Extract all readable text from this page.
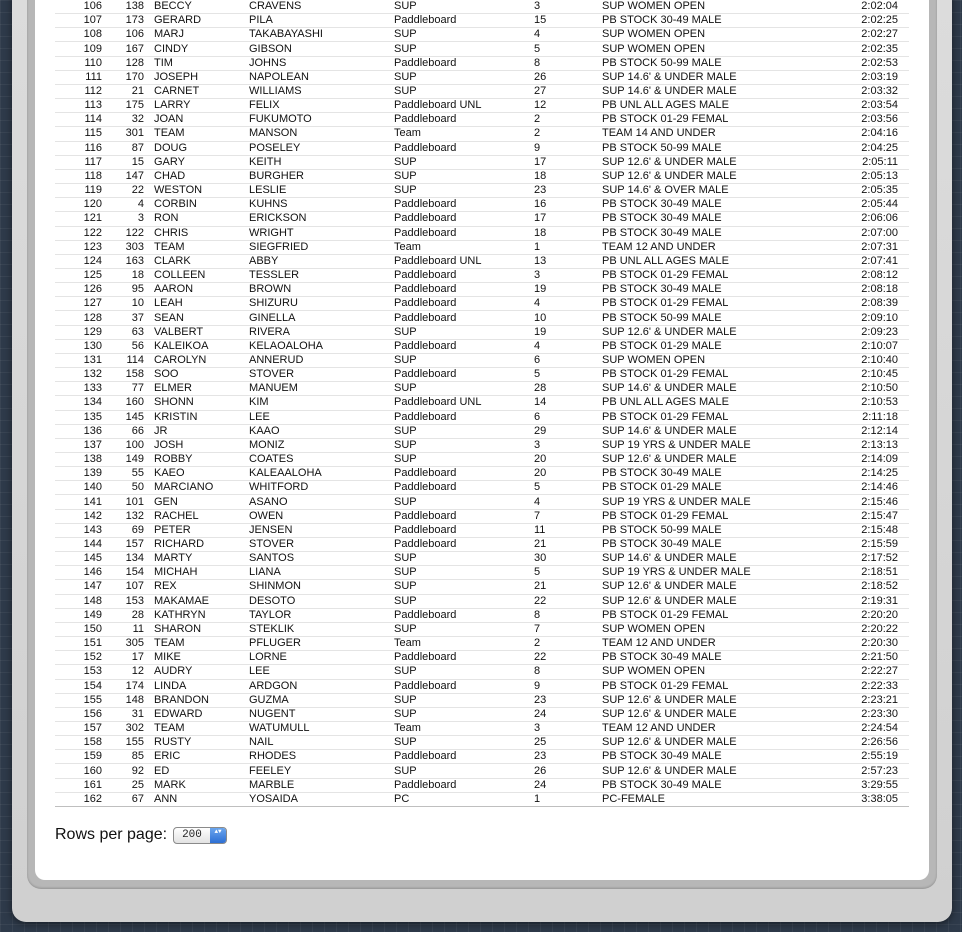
106	138	BECCY	CRAVENS	SUP	3	SUP WOMEN OPEN	2:02:04
107	173	GERARD	PILA	Paddleboard	15	PB STOCK 30-49 MALE	2:02:25
108	106	MARJ	TAKABAYASHI	SUP	4	SUP WOMEN OPEN	2:02:27
109	167	CINDY	GIBSON	SUP	5	SUP WOMEN OPEN	2:02:35
110	128	TIM	JOHNS	Paddleboard	8	PB STOCK 50-99 MALE	2:02:53
111	170	JOSEPH	NAPOLEAN	SUP	26	SUP 14.6' & UNDER MALE	2:03:19
112	21	CARNET	WILLIAMS	SUP	27	SUP 14.6' & UNDER MALE	2:03:32
113	175	LARRY	FELIX	Paddleboard UNL	12	PB UNL ALL AGES MALE	2:03:54
114	32	JOAN	FUKUMOTO	Paddleboard	2	PB STOCK 01-29 FEMAL	2:03:56
115	301	TEAM	MANSON	Team	2	TEAM 14 AND UNDER	2:04:16
116	87	DOUG	POSELEY	Paddleboard	9	PB STOCK 50-99 MALE	2:04:25
117	15	GARY	KEITH	SUP	17	SUP 12.6' & UNDER MALE	2:05:11
118	147	CHAD	BURGHER	SUP	18	SUP 12.6' & UNDER MALE	2:05:13
119	22	WESTON	LESLIE	SUP	23	SUP 14.6' & OVER MALE	2:05:35
120	4	CORBIN	KUHNS	Paddleboard	16	PB STOCK 30-49 MALE	2:05:44
121	3	RON	ERICKSON	Paddleboard	17	PB STOCK 30-49 MALE	2:06:06
122	122	CHRIS	WRIGHT	Paddleboard	18	PB STOCK 30-49 MALE	2:07:00
123	303	TEAM	SIEGFRIED	Team	1	TEAM 12 AND UNDER	2:07:31
124	163	CLARK	ABBY	Paddleboard UNL	13	PB UNL ALL AGES MALE	2:07:41
125	18	COLLEEN	TESSLER	Paddleboard	3	PB STOCK 01-29 FEMAL	2:08:12
126	95	AARON	BROWN	Paddleboard	19	PB STOCK 30-49 MALE	2:08:18
127	10	LEAH	SHIZURU	Paddleboard	4	PB STOCK 01-29 FEMAL	2:08:39
128	37	SEAN	GINELLA	Paddleboard	10	PB STOCK 50-99 MALE	2:09:10
129	63	VALBERT	RIVERA	SUP	19	SUP 12.6' & UNDER MALE	2:09:23
130	56	KALEIKOA	KELAOALOHA	Paddleboard	4	PB STOCK 01-29 MALE	2:10:07
131	114	CAROLYN	ANNERUD	SUP	6	SUP WOMEN OPEN	2:10:40
132	158	SOO	STOVER	Paddleboard	5	PB STOCK 01-29 FEMAL	2:10:45
133	77	ELMER	MANUEM	SUP	28	SUP 14.6' & UNDER MALE	2:10:50
134	160	SHONN	KIM	Paddleboard UNL	14	PB UNL ALL AGES MALE	2:10:53
135	145	KRISTIN	LEE	Paddleboard	6	PB STOCK 01-29 FEMAL	2:11:18
136	66	JR	KAAO	SUP	29	SUP 14.6' & UNDER MALE	2:12:14
137	100	JOSH	MONIZ	SUP	3	SUP 19 YRS & UNDER MALE	2:13:13
138	149	ROBBY	COATES	SUP	20	SUP 12.6' & UNDER MALE	2:14:09
139	55	KAEO	KALEAALOHA	Paddleboard	20	PB STOCK 30-49 MALE	2:14:25
140	50	MARCIANO	WHITFORD	Paddleboard	5	PB STOCK 01-29 MALE	2:14:46
141	101	GEN	ASANO	SUP	4	SUP 19 YRS & UNDER MALE	2:15:46
142	132	RACHEL	OWEN	Paddleboard	7	PB STOCK 01-29 FEMAL	2:15:47
143	69	PETER	JENSEN	Paddleboard	11	PB STOCK 50-99 MALE	2:15:48
144	157	RICHARD	STOVER	Paddleboard	21	PB STOCK 30-49 MALE	2:15:59
145	134	MARTY	SANTOS	SUP	30	SUP 14.6' & UNDER MALE	2:17:52
146	154	MICHAH	LIANA	SUP	5	SUP 19 YRS & UNDER MALE	2:18:51
147	107	REX	SHINMON	SUP	21	SUP 12.6' & UNDER MALE	2:18:52
148	153	MAKAMAE	DESOTO	SUP	22	SUP 12.6' & UNDER MALE	2:19:31
149	28	KATHRYN	TAYLOR	Paddleboard	8	PB STOCK 01-29 FEMAL	2:20:20
150	11	SHARON	STEKLIK	SUP	7	SUP WOMEN OPEN	2:20:22
151	305	TEAM	PFLUGER	Team	2	TEAM 12 AND UNDER	2:20:30
152	17	MIKE	LORNE	Paddleboard	22	PB STOCK 30-49 MALE	2:21:50
153	12	AUDRY	LEE	SUP	8	SUP WOMEN OPEN	2:22:27
154	174	LINDA	ARDGON	Paddleboard	9	PB STOCK 01-29 FEMAL	2:22:33
155	148	BRANDON	GUZMA	SUP	23	SUP 12.6' & UNDER MALE	2:23:21
156	31	EDWARD	NUGENT	SUP	24	SUP 12.6' & UNDER MALE	2:23:30
157	302	TEAM	WATUMULL	Team	3	TEAM 12 AND UNDER	2:24:54
158	155	RUSTY	NAIL	SUP	25	SUP 12.6' & UNDER MALE	2:26:56
159	85	ERIC	RHODES	Paddleboard	23	PB STOCK 30-49 MALE	2:55:19
160	92	ED	FEELEY	SUP	26	SUP 12.6' & UNDER MALE	2:57:23
161	25	MARK	MARBLE	Paddleboard	24	PB STOCK 30-49 MALE	3:29:55
162	67	ANN	YOSAIDA	PC	1	PC-FEMALE	3:38:05
Rows per page:	200	▲▼
